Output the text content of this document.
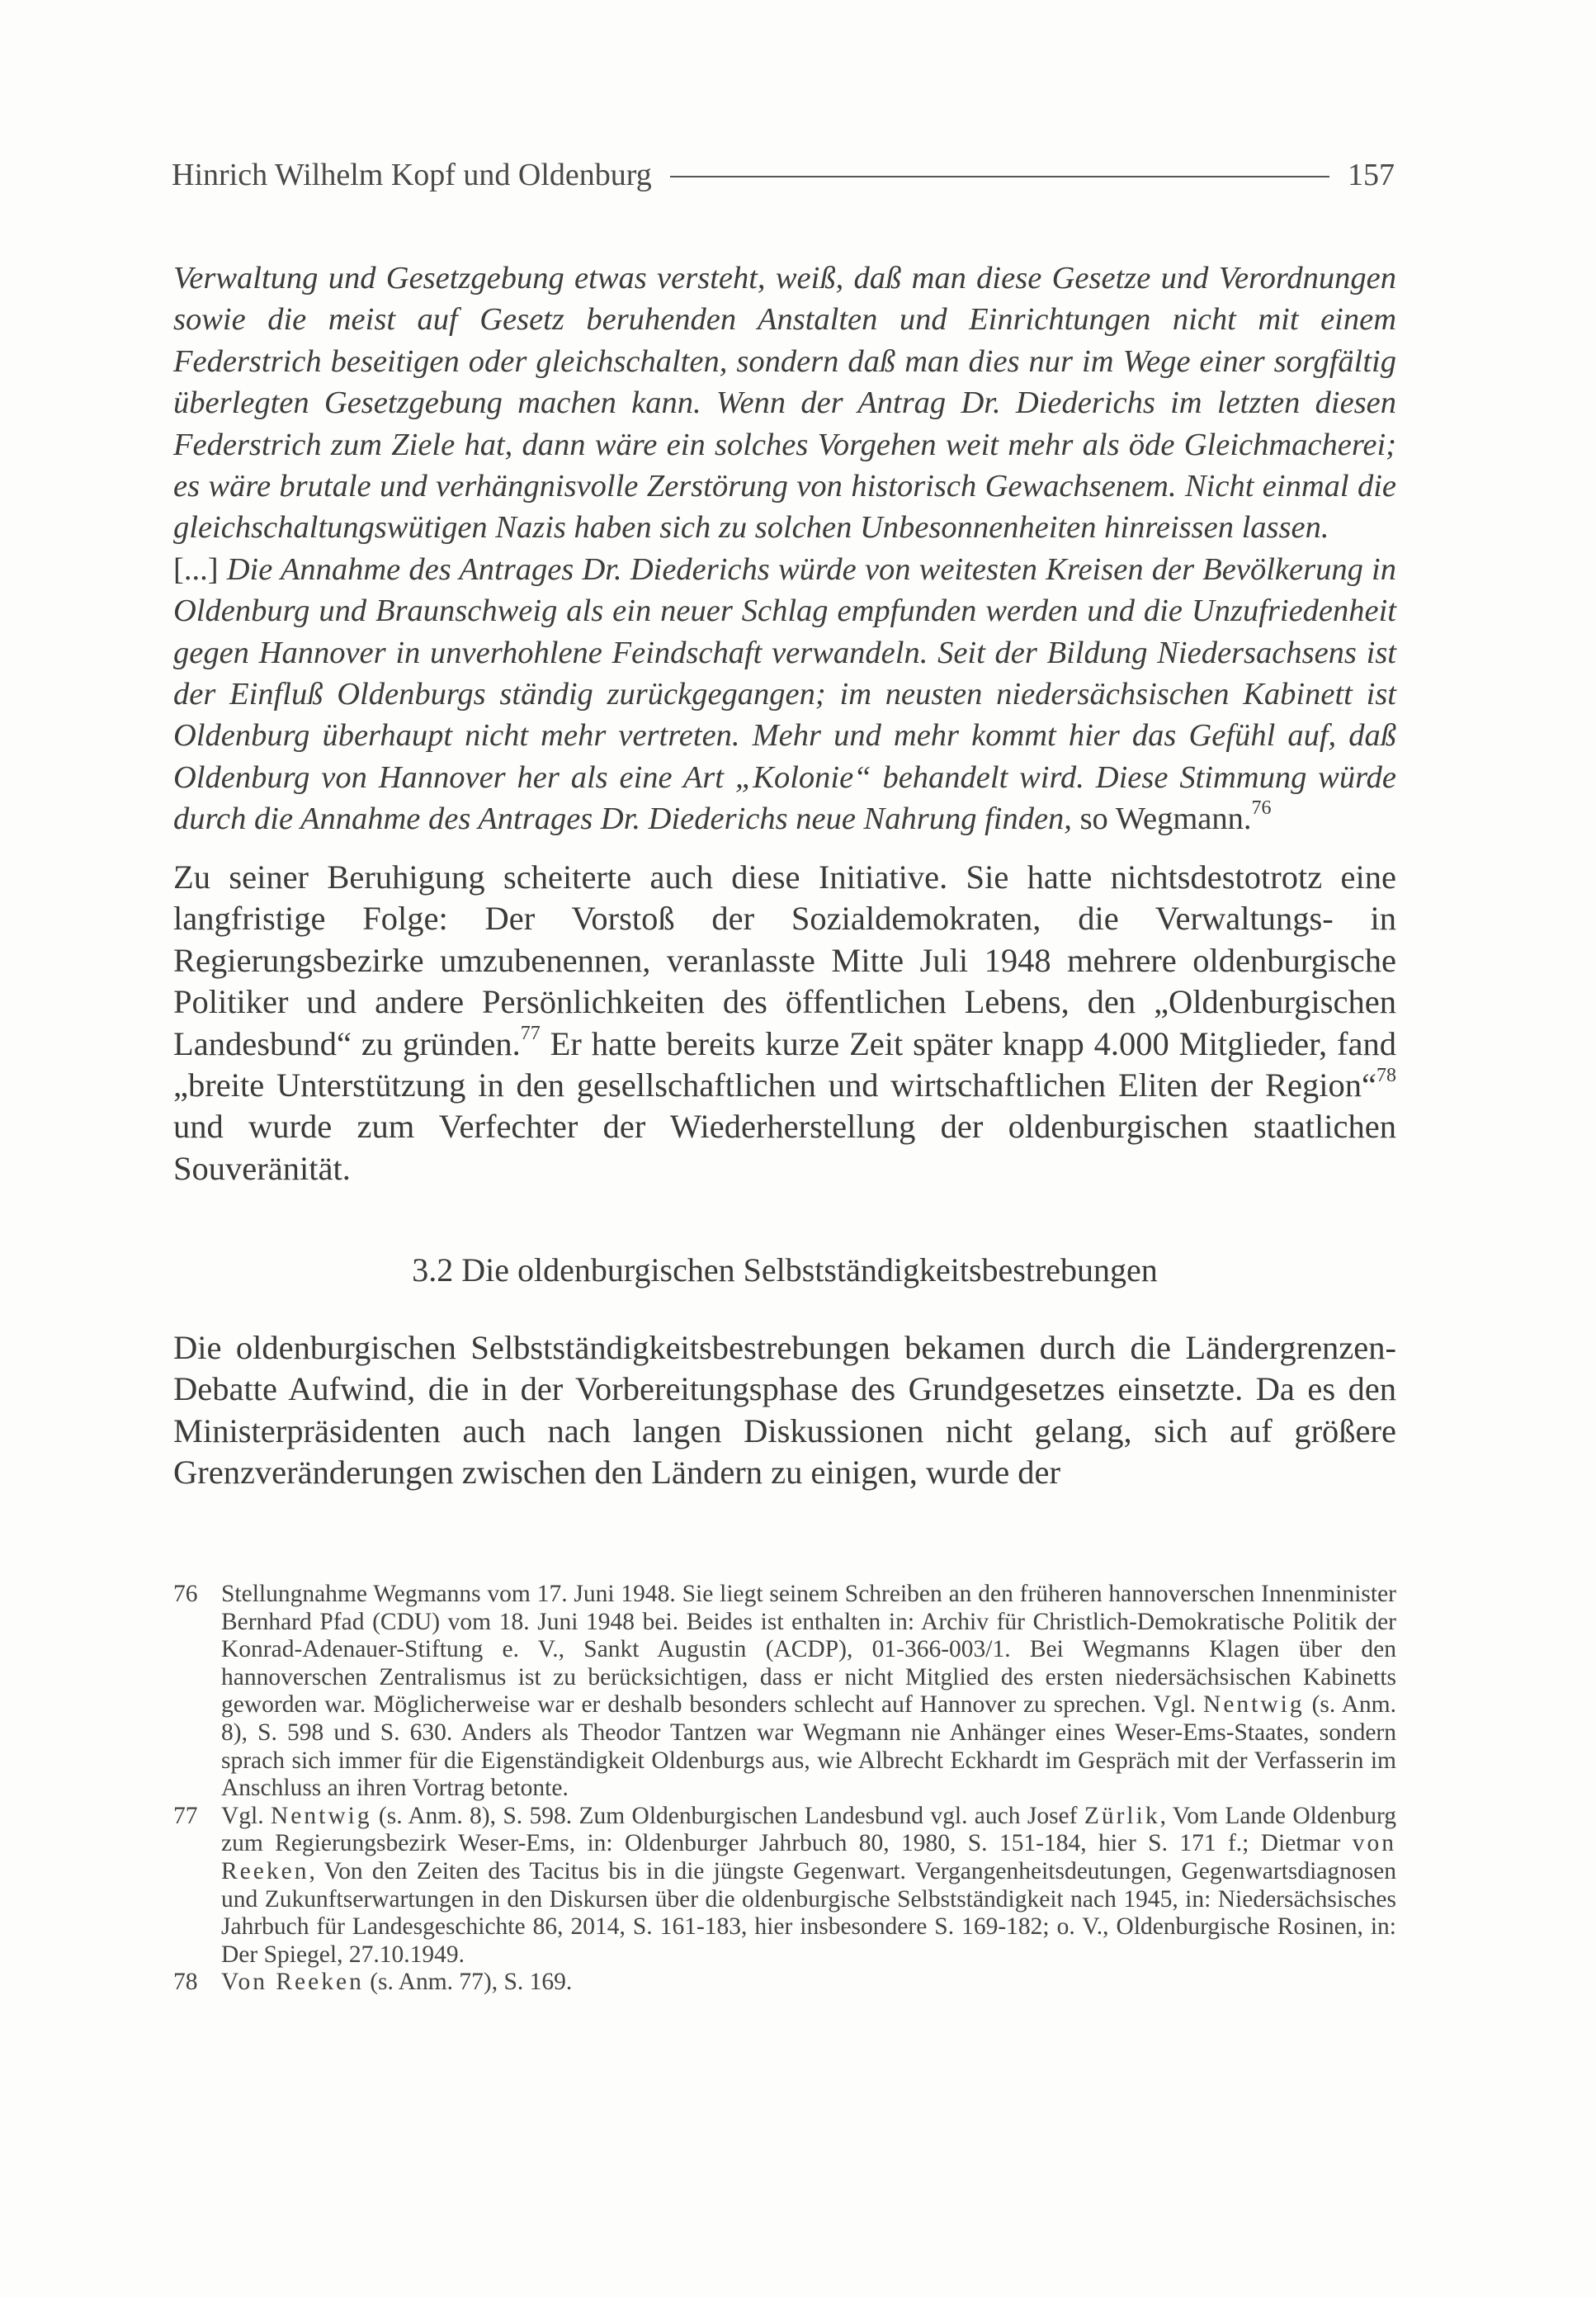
Hinrich Wilhelm Kopf und Oldenburg	157
Verwaltung und Gesetzgebung etwas versteht, weiß, daß man diese Gesetze und Verordnungen sowie die meist auf Gesetz beruhenden Anstalten und Einrichtungen nicht mit einem Federstrich beseitigen oder gleichschalten, sondern daß man dies nur im Wege einer sorgfältig überlegten Gesetzgebung machen kann. Wenn der Antrag Dr. Diederichs im letzten diesen Federstrich zum Ziele hat, dann wäre ein solches Vorgehen weit mehr als öde Gleichmacherei; es wäre brutale und verhängnisvolle Zerstörung von historisch Gewachsenem. Nicht einmal die gleichschaltungswütigen Nazis haben sich zu solchen Unbesonnenheiten hinreissen lassen.
[...] Die Annahme des Antrages Dr. Diederichs würde von weitesten Kreisen der Bevölkerung in Oldenburg und Braunschweig als ein neuer Schlag empfunden werden und die Unzufriedenheit gegen Hannover in unverhohlene Feindschaft verwandeln. Seit der Bildung Niedersachsens ist der Einfluß Oldenburgs ständig zurückgegangen; im neusten niedersächsischen Kabinett ist Oldenburg überhaupt nicht mehr vertreten. Mehr und mehr kommt hier das Gefühl auf, daß Oldenburg von Hannover her als eine Art „Kolonie“ behandelt wird. Diese Stimmung würde durch die Annahme des Antrages Dr. Diederichs neue Nahrung finden, so Wegmann.$^{76}$

Zu seiner Beruhigung scheiterte auch diese Initiative. Sie hatte nichtsdestotrotz eine langfristige Folge: Der Vorstoß der Sozialdemokraten, die Verwaltungs- in Regierungsbezirke umzubenennen, veranlasste Mitte Juli 1948 mehrere oldenburgische Politiker und andere Persönlichkeiten des öffentlichen Lebens, den „Oldenburgischen Landesbund“ zu gründen.$^{77}$ Er hatte bereits kurze Zeit später knapp 4.000 Mitglieder, fand „breite Unterstützung in den gesellschaftlichen und wirtschaftlichen Eliten der Region“$^{78}$ und wurde zum Verfechter der Wiederherstellung der oldenburgischen staatlichen Souveränität.

3.2 Die oldenburgischen Selbstständigkeitsbestrebungen

Die oldenburgischen Selbstständigkeitsbestrebungen bekamen durch die Ländergrenzen-Debatte Aufwind, die in der Vorbereitungsphase des Grundgesetzes einsetzte. Da es den Ministerpräsidenten auch nach langen Diskussionen nicht gelang, sich auf größere Grenzveränderungen zwischen den Ländern zu einigen, wurde der

76 Stellungnahme Wegmanns vom 17. Juni 1948. Sie liegt seinem Schreiben an den früheren hannoverschen Innenminister Bernhard Pfad (CDU) vom 18. Juni 1948 bei. Beides ist enthalten in: Archiv für Christlich-Demokratische Politik der Konrad-Adenauer-Stiftung e. V., Sankt Augustin (ACDP), 01-366-003/1. Bei Wegmanns Klagen über den hannoverschen Zentralismus ist zu berücksichtigen, dass er nicht Mitglied des ersten niedersächsischen Kabinetts geworden war. Möglicherweise war er deshalb besonders schlecht auf Hannover zu sprechen. Vgl. Nentwig (s. Anm. 8), S. 598 und S. 630. Anders als Theodor Tantzen war Wegmann nie Anhänger eines Weser-Ems-Staates, sondern sprach sich immer für die Eigenständigkeit Oldenburgs aus, wie Albrecht Eckhardt im Gespräch mit der Verfasserin im Anschluss an ihren Vortrag betonte.
77 Vgl. Nentwig (s. Anm. 8), S. 598. Zum Oldenburgischen Landesbund vgl. auch Josef Zürlik, Vom Lande Oldenburg zum Regierungsbezirk Weser-Ems, in: Oldenburger Jahrbuch 80, 1980, S. 151-184, hier S. 171 f.; Dietmar von Reeken, Von den Zeiten des Tacitus bis in die jüngste Gegenwart. Vergangenheitsdeutungen, Gegenwartsdiagnosen und Zukunftserwartungen in den Diskursen über die oldenburgische Selbstständigkeit nach 1945, in: Niedersächsisches Jahrbuch für Landesgeschichte 86, 2014, S. 161-183, hier insbesondere S. 169-182; o. V., Oldenburgische Rosinen, in: Der Spiegel, 27.10.1949.
78 Von Reeken (s. Anm. 77), S. 169.
